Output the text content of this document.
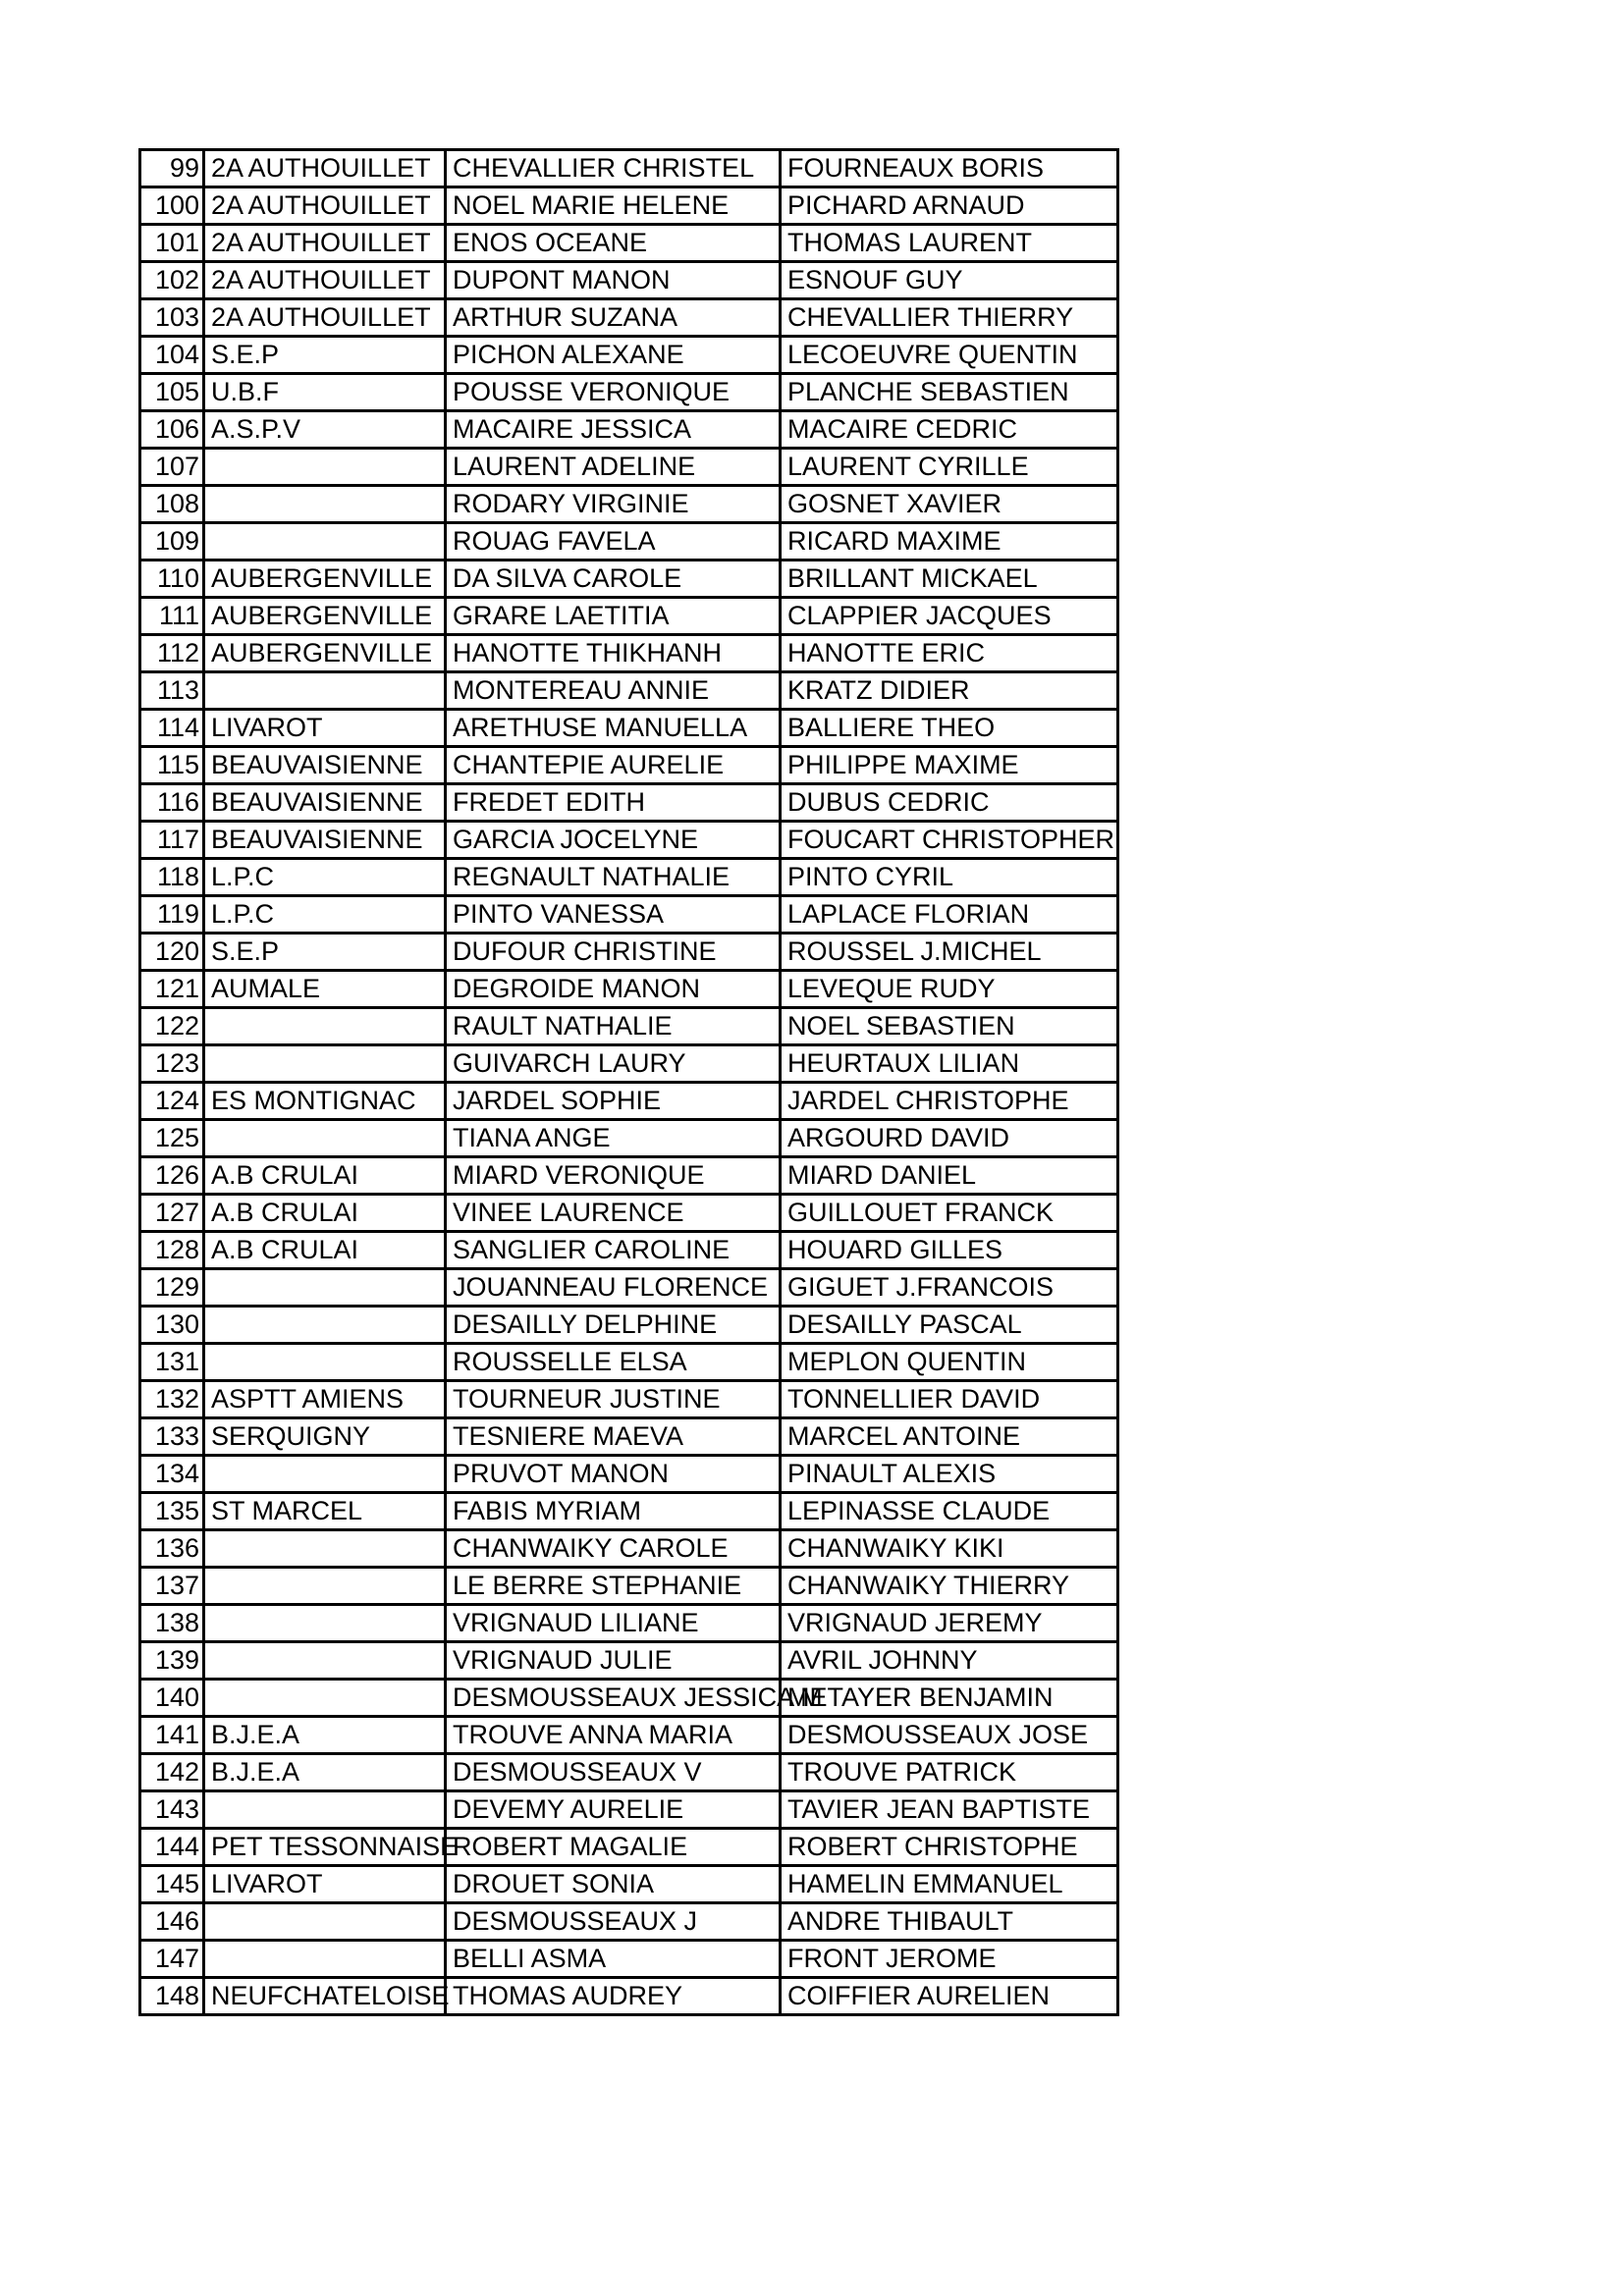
99	2A AUTHOUILLET	CHEVALLIER CHRISTEL	FOURNEAUX BORIS
100	2A AUTHOUILLET	NOEL MARIE HELENE	PICHARD ARNAUD
101	2A AUTHOUILLET	ENOS OCEANE	THOMAS LAURENT
102	2A AUTHOUILLET	DUPONT MANON	ESNOUF GUY
103	2A AUTHOUILLET	ARTHUR SUZANA	CHEVALLIER THIERRY
104	S.E.P	PICHON ALEXANE	LECOEUVRE QUENTIN
105	U.B.F	POUSSE VERONIQUE	PLANCHE SEBASTIEN
106	A.S.P.V	MACAIRE JESSICA	MACAIRE CEDRIC
107		LAURENT ADELINE	LAURENT CYRILLE
108		RODARY VIRGINIE	GOSNET XAVIER
109		ROUAG FAVELA	RICARD MAXIME
110	AUBERGENVILLE	DA SILVA CAROLE	BRILLANT MICKAEL
111	AUBERGENVILLE	GRARE LAETITIA	CLAPPIER JACQUES
112	AUBERGENVILLE	HANOTTE THIKHANH	HANOTTE ERIC
113		MONTEREAU ANNIE	KRATZ DIDIER
114	LIVAROT	ARETHUSE MANUELLA	BALLIERE THEO
115	BEAUVAISIENNE	CHANTEPIE AURELIE	PHILIPPE MAXIME
116	BEAUVAISIENNE	FREDET EDITH	DUBUS CEDRIC
117	BEAUVAISIENNE	GARCIA JOCELYNE	FOUCART CHRISTOPHER
118	L.P.C	REGNAULT NATHALIE	PINTO CYRIL
119	L.P.C	PINTO VANESSA	LAPLACE FLORIAN
120	S.E.P	DUFOUR CHRISTINE	ROUSSEL J.MICHEL
121	AUMALE	DEGROIDE MANON	LEVEQUE RUDY
122		RAULT NATHALIE	NOEL SEBASTIEN
123		GUIVARCH LAURY	HEURTAUX LILIAN
124	ES MONTIGNAC	JARDEL SOPHIE	JARDEL CHRISTOPHE
125		TIANA ANGE	ARGOURD DAVID
126	A.B CRULAI	MIARD VERONIQUE	MIARD DANIEL
127	A.B CRULAI	VINEE LAURENCE	GUILLOUET FRANCK
128	A.B CRULAI	SANGLIER CAROLINE	HOUARD GILLES
129		JOUANNEAU FLORENCE	GIGUET J.FRANCOIS
130		DESAILLY DELPHINE	DESAILLY PASCAL
131		ROUSSELLE ELSA	MEPLON QUENTIN
132	ASPTT AMIENS	TOURNEUR JUSTINE	TONNELLIER DAVID
133	SERQUIGNY	TESNIERE MAEVA	MARCEL ANTOINE
134		PRUVOT MANON	PINAULT ALEXIS
135	ST MARCEL	FABIS MYRIAM	LEPINASSE CLAUDE
136		CHANWAIKY CAROLE	CHANWAIKY KIKI
137		LE BERRE STEPHANIE	CHANWAIKY THIERRY
138		VRIGNAUD LILIANE	VRIGNAUD JEREMY
139		VRIGNAUD JULIE	AVRIL JOHNNY
140		DESMOUSSEAUX JESSICA M	METAYER BENJAMIN
141	B.J.E.A	TROUVE ANNA MARIA	DESMOUSSEAUX JOSE
142	B.J.E.A	DESMOUSSEAUX V	TROUVE PATRICK
143		DEVEMY AURELIE	TAVIER JEAN BAPTISTE
144	PET TESSONNAISE	ROBERT MAGALIE	ROBERT CHRISTOPHE
145	LIVAROT	DROUET SONIA	HAMELIN EMMANUEL
146		DESMOUSSEAUX J	ANDRE THIBAULT
147		BELLI ASMA	FRONT JEROME
148	NEUFCHATELOISE	THOMAS AUDREY	COIFFIER AURELIEN
